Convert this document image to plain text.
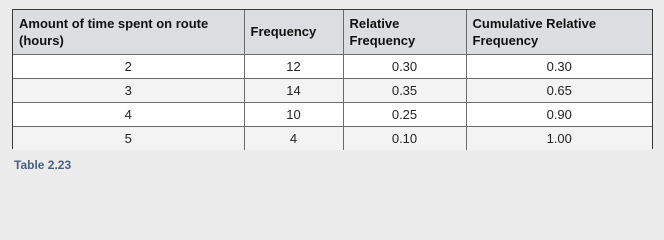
Amount of time spent on route (hours)	Frequency	Relative Frequency	Cumulative Relative Frequency
2	12	0.30	0.30
3	14	0.35	0.65
4	10	0.25	0.90
5	4	0.10	1.00
Table 2.23
